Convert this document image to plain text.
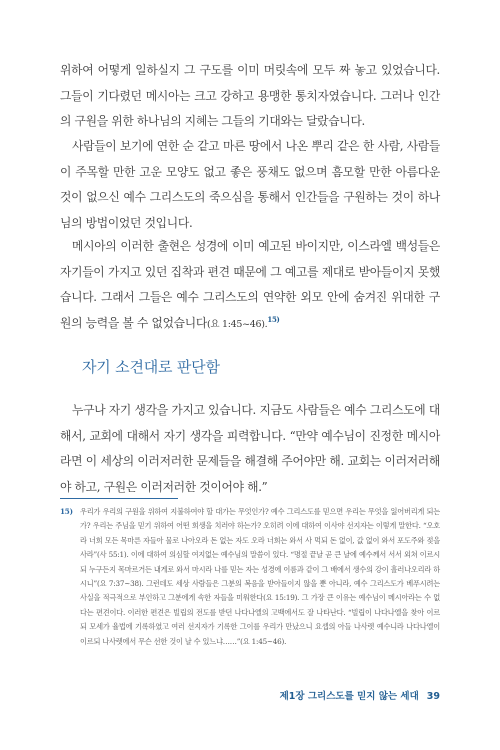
위하여 어떻게 일하실지 그 구도를 이미 머릿속에 모두 짜 놓고 있었습니다. 그들이 기다렸던 메시아는 크고 강하고 용맹한 통치자였습니다. 그러나 인간의 구원을 위한 하나님의 지혜는 그들의 기대와는 달랐습니다.

사람들이 보기에 연한 순 같고 마른 땅에서 나온 뿌리 같은 한 사람, 사람들이 주목할 만한 고운 모양도 없고 좋은 풍채도 없으며 흠모할 만한 아름다운 것이 없으신 예수 그리스도의 죽으심을 통해서 인간들을 구원하는 것이 하나님의 방법이었던 것입니다.

메시아의 이러한 출현은 성경에 이미 예고된 바이지만, 이스라엘 백성들은 자기들이 가지고 있던 집착과 편견 때문에 그 예고를 제대로 받아들이지 못했습니다. 그래서 그들은 예수 그리스도의 연약한 외모 안에 숨겨진 위대한 구원의 능력을 볼 수 없었습니다(요 1:45~46).$^{15)}$

자기 소견대로 판단함

누구나 자기 생각을 가지고 있습니다. 지금도 사람들은 예수 그리스도에 대해서, 교회에 대해서 자기 생각을 피력합니다. “만약 예수님이 진정한 메시아라면 이 세상의 이러저러한 문제들을 해결해 주어야만 해. 교회는 이러저러해야 하고, 구원은 이러저러한 것이어야 해.”

15) 우리가 우리의 구원을 위하여 지불하여야 할 대가는 무엇인가? 예수 그리스도를 믿으면 우리는 무엇을 잃어버리게 되는가? 우리는 주님을 믿기 위하여 어떤 희생을 치러야 하는가? 오히려 이에 대하여 이사야 선지자는 이렇게 말한다. “오호라 너희 모든 목마른 자들아 물로 나아오라 돈 없는 자도 오라 너희는 와서 사 먹되 돈 없이, 값 없이 와서 포도주와 젖을 사라”(사 55:1). 이에 대하여 의심할 여지없는 예수님의 말씀이 있다. “명절 끝날 곧 큰 날에 예수께서 서서 외쳐 이르시되 누구든지 목마르거든 내게로 와서 마시라 나를 믿는 자는 성경에 이름과 같이 그 배에서 생수의 강이 흘러나오리라 하시니”(요 7:37~38). 그런데도 세상 사람들은 그분의 복음을 받아들이지 않을 뿐 아니라, 예수 그리스도가 베푸시려는 사실을 적극적으로 부인하고 그분에게 속한 자들을 미워한다(요 15:19). 그 가장 큰 이유는 예수님이 메시아라는 수 없다는 편견이다. 이러한 편견은 빌립의 전도를 받던 나다나엘의 고백에서도 잘 나타난다. “빌립이 나다나엘을 찾아 이르되 모세가 율법에 기록하였고 여러 선지자가 기록한 그이를 우리가 만났으니 요셉의 아들 나사렛 예수니라 나다나엘이 이르되 나사렛에서 무슨 선한 것이 날 수 있느냐……”(요 1:45~46).
제1장 그리스도를 믿지 않는 세대 39
